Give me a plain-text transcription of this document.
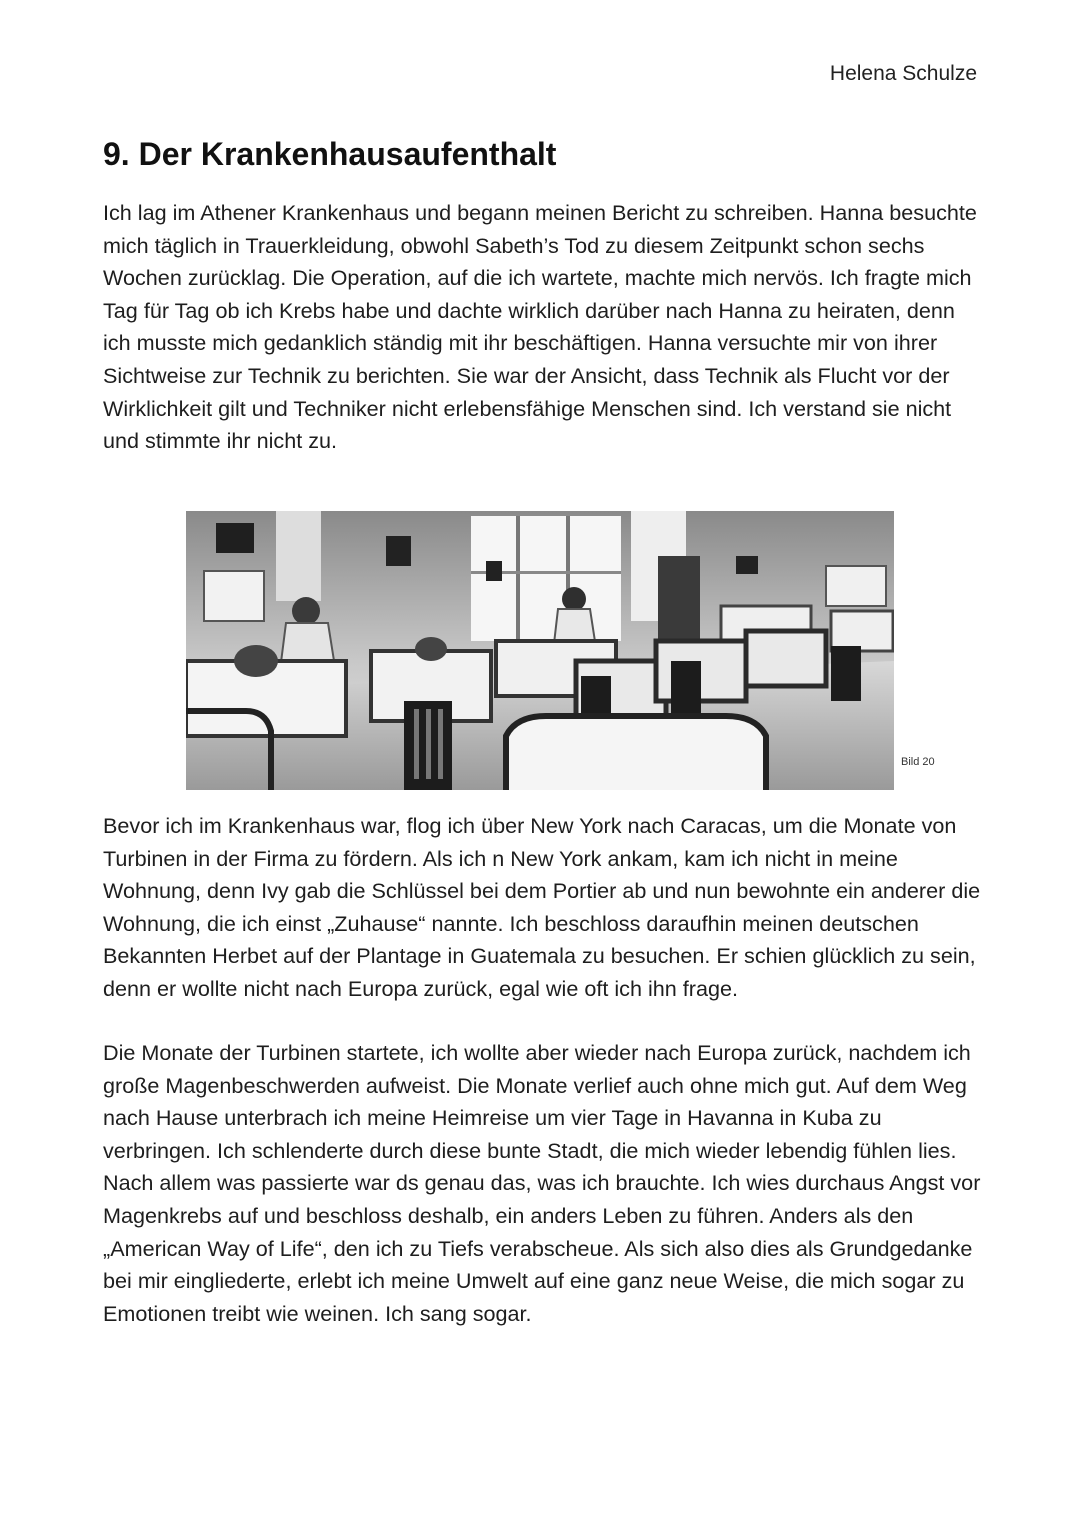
Helena Schulze
9. Der Krankenhausaufenthalt

Ich lag im Athener Krankenhaus und begann meinen Bericht zu schreiben. Hanna besuchte mich täglich in Trauerkleidung, obwohl Sabeth’s Tod zu diesem Zeitpunkt schon sechs Wochen zurücklag. Die Operation, auf die ich wartete, machte mich nervös. Ich fragte mich Tag für Tag ob ich Krebs habe und dachte wirklich darüber nach Hanna zu heiraten, denn ich musste mich gedanklich ständig mit ihr beschäftigen. Hanna versuchte mir von ihrer Sichtweise zur Technik zu berichten. Sie war der Ansicht, dass Technik als Flucht vor der Wirklichkeit gilt und Techniker nicht erlebensfähige Menschen sind. Ich verstand sie nicht und stimmte ihr nicht zu.

Bild 20

Bevor ich im Krankenhaus war, flog ich über New York nach Caracas, um die Monate von Turbinen in der Firma zu fördern. Als ich n New York ankam, kam ich nicht in meine Wohnung, denn Ivy gab die Schlüssel bei dem Portier ab und nun bewohnte ein anderer die Wohnung, die ich einst „Zuhause“ nannte. Ich beschloss daraufhin meinen deutschen Bekannten Herbet auf der Plantage in Guatemala zu besuchen. Er schien glücklich zu sein, denn er wollte nicht nach Europa zurück, egal wie oft ich ihn frage.

Die Monate der Turbinen startete, ich wollte aber wieder nach Europa zurück, nachdem ich große Magenbeschwerden aufweist. Die Monate verlief auch ohne mich gut. Auf dem Weg nach Hause unterbrach ich meine Heimreise um vier Tage in Havanna in Kuba zu verbringen. Ich schlenderte durch diese bunte Stadt, die mich wieder lebendig fühlen lies. Nach allem was passierte war ds genau das, was ich brauchte. Ich wies durchaus Angst vor Magenkrebs auf und beschloss deshalb, ein anders Leben zu führen. Anders als den „American Way of Life“, den ich zu Tiefs verabscheue. Als sich also dies als Grundgedanke bei mir eingliederte, erlebt ich meine Umwelt auf eine ganz neue Weise, die mich sogar zu Emotionen treibt wie weinen. Ich sang sogar.
